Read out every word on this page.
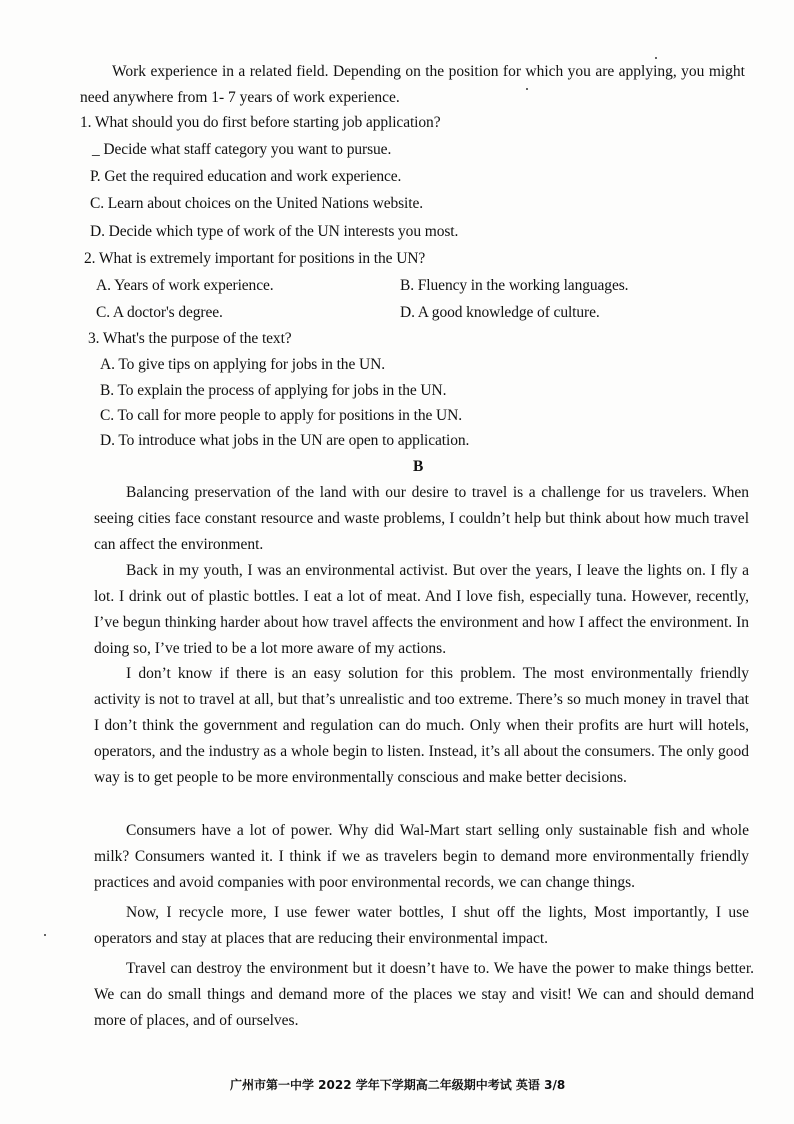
Work experience in a related field. Depending on the position for which you are applying, you might need anywhere from 1- 7 years of work experience.
1. What should you do first before starting job application?
_ Decide what staff category you want to pursue.
P. Get the required education and work experience.
C. Learn about choices on the United Nations website.
D. Decide which type of work of the UN interests you most.
2. What is extremely important for positions in the UN?
A. Years of work experience.	B. Fluency in the working languages.
C. A doctor's degree.	D. A good knowledge of culture.
3. What's the purpose of the text?
A. To give tips on applying for jobs in the UN.
B. To explain the process of applying for jobs in the UN.
C. To call for more people to apply for positions in the UN.
D. To introduce what jobs in the UN are open to application.
B
Balancing preservation of the land with our desire to travel is a challenge for us travelers. When seeing cities face constant resource and waste problems, I couldn’t help but think about how much travel can affect the environment.
Back in my youth, I was an environmental activist. But over the years, I leave the lights on. I fly a lot. I drink out of plastic bottles. I eat a lot of meat. And I love fish, especially tuna. However, recently, I’ve begun thinking harder about how travel affects the environment and how I affect the environment. In doing so, I’ve tried to be a lot more aware of my actions.
I don’t know if there is an easy solution for this problem. The most environmentally friendly activity is not to travel at all, but that’s unrealistic and too extreme. There’s so much money in travel that I don’t think the government and regulation can do much. Only when their profits are hurt will hotels, operators, and the industry as a whole begin to listen. Instead, it’s all about the consumers. The only good way is to get people to be more environmentally conscious and make better decisions.
Consumers have a lot of power. Why did Wal-Mart start selling only sustainable fish and whole milk? Consumers wanted it. I think if we as travelers begin to demand more environmentally friendly practices and avoid companies with poor environmental records, we can change things.
Now, I recycle more, I use fewer water bottles, I shut off the lights, Most importantly, I use operators and stay at places that are reducing their environmental impact.
Travel can destroy the environment but it doesn’t have to. We have the power to make things better. We can do small things and demand more of the places we stay and visit! We can and should demand more of places, and of ourselves.
广州市第一中学 2022 学年下学期高二年级期中考试 英语 3/8
